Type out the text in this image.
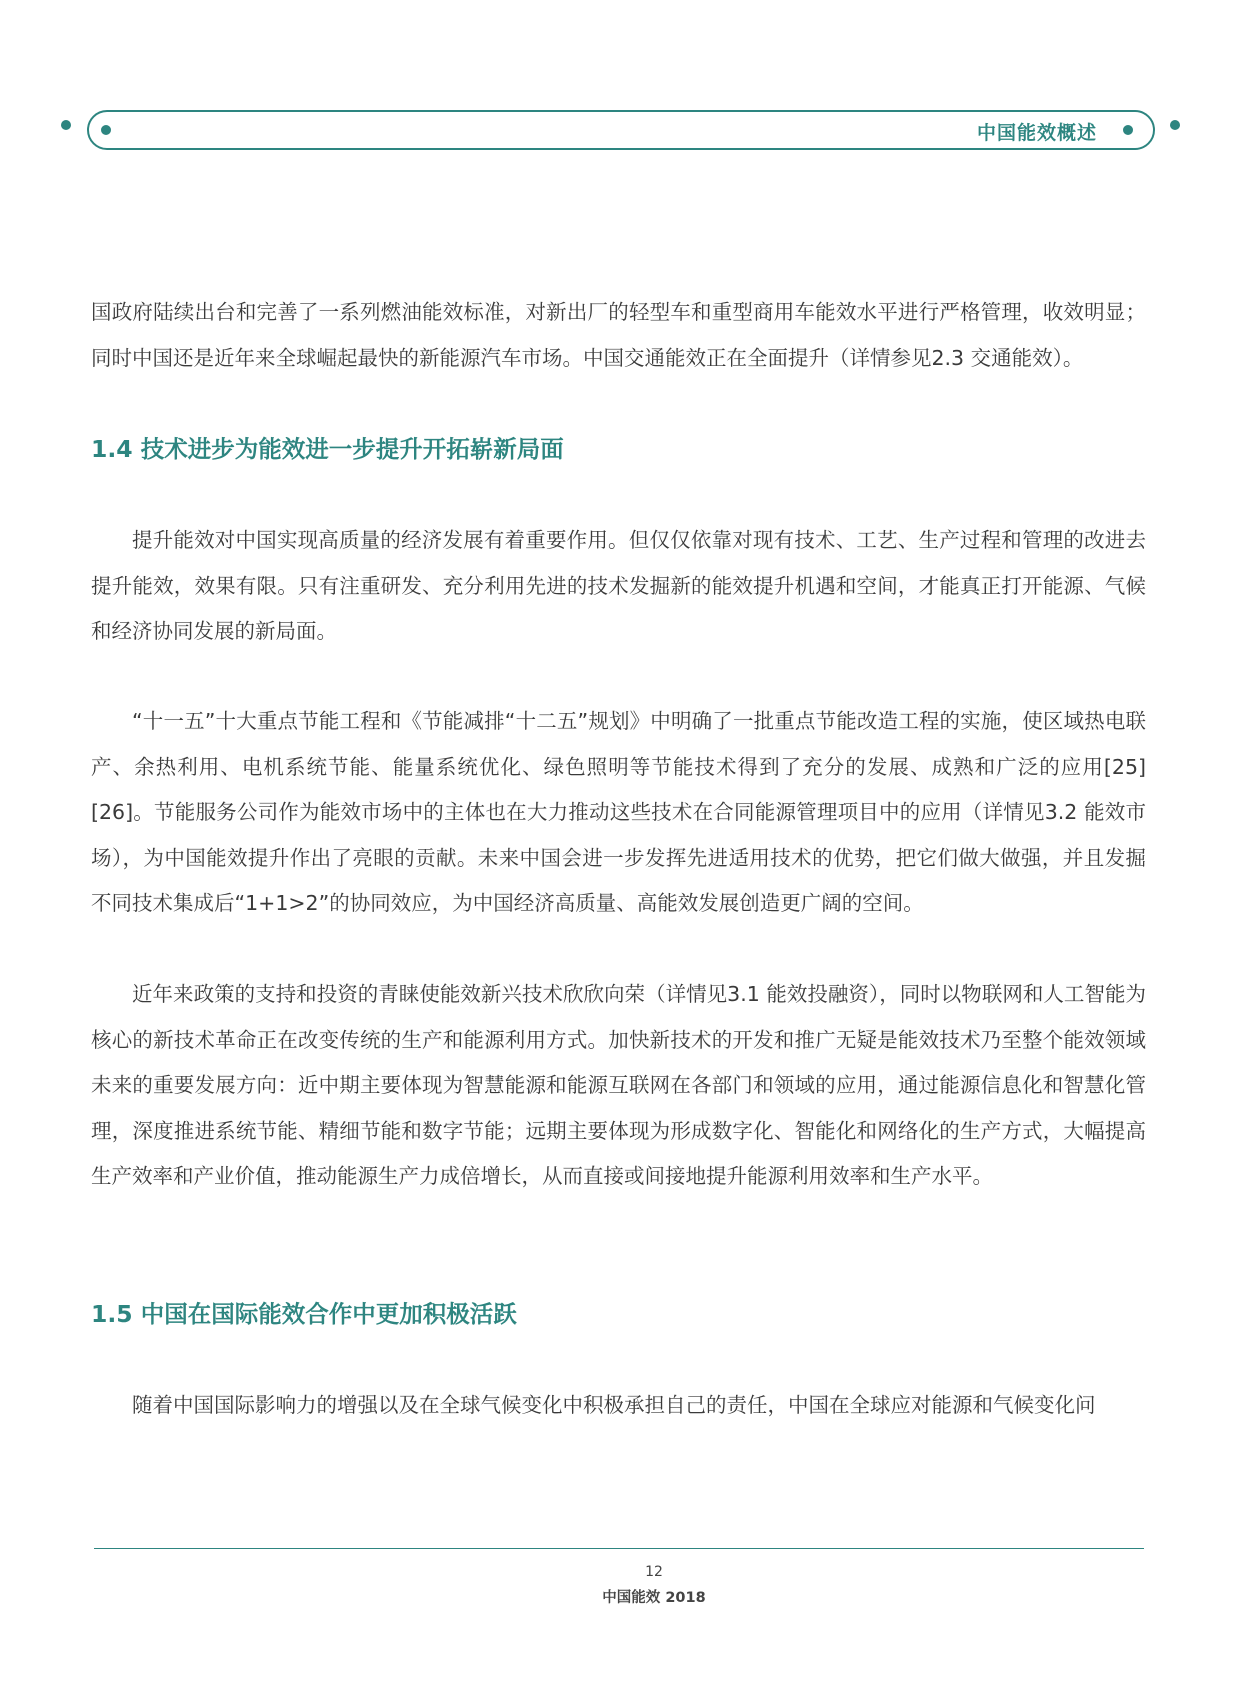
中国能效概述

国政府陆续出台和完善了一系列燃油能效标准，对新出厂的轻型车和重型商用车能效水平进行严格管理，收效明显；同时中国还是近年来全球崛起最快的新能源汽车市场。中国交通能效正在全面提升（详情参见2.3 交通能效）。

1.4 技术进步为能效进一步提升开拓崭新局面

提升能效对中国实现高质量的经济发展有着重要作用。但仅仅依靠对现有技术、工艺、生产过程和管理的改进去提升能效，效果有限。只有注重研发、充分利用先进的技术发掘新的能效提升机遇和空间，才能真正打开能源、气候和经济协同发展的新局面。

“十一五”十大重点节能工程和《节能减排“十二五”规划》中明确了一批重点节能改造工程的实施，使区域热电联产、余热利用、电机系统节能、能量系统优化、绿色照明等节能技术得到了充分的发展、成熟和广泛的应用[25][26]。节能服务公司作为能效市场中的主体也在大力推动这些技术在合同能源管理项目中的应用（详情见3.2 能效市场），为中国能效提升作出了亮眼的贡献。未来中国会进一步发挥先进适用技术的优势，把它们做大做强，并且发掘不同技术集成后“1+1>2”的协同效应，为中国经济高质量、高能效发展创造更广阔的空间。

近年来政策的支持和投资的青睐使能效新兴技术欣欣向荣（详情见3.1 能效投融资），同时以物联网和人工智能为核心的新技术革命正在改变传统的生产和能源利用方式。加快新技术的开发和推广无疑是能效技术乃至整个能效领域未来的重要发展方向：近中期主要体现为智慧能源和能源互联网在各部门和领域的应用，通过能源信息化和智慧化管理，深度推进系统节能、精细节能和数字节能；远期主要体现为形成数字化、智能化和网络化的生产方式，大幅提高生产效率和产业价值，推动能源生产力成倍增长，从而直接或间接地提升能源利用效率和生产水平。

1.5 中国在国际能效合作中更加积极活跃

随着中国国际影响力的增强以及在全球气候变化中积极承担自己的责任，中国在全球应对能源和气候变化问

12
中国能效 2018
